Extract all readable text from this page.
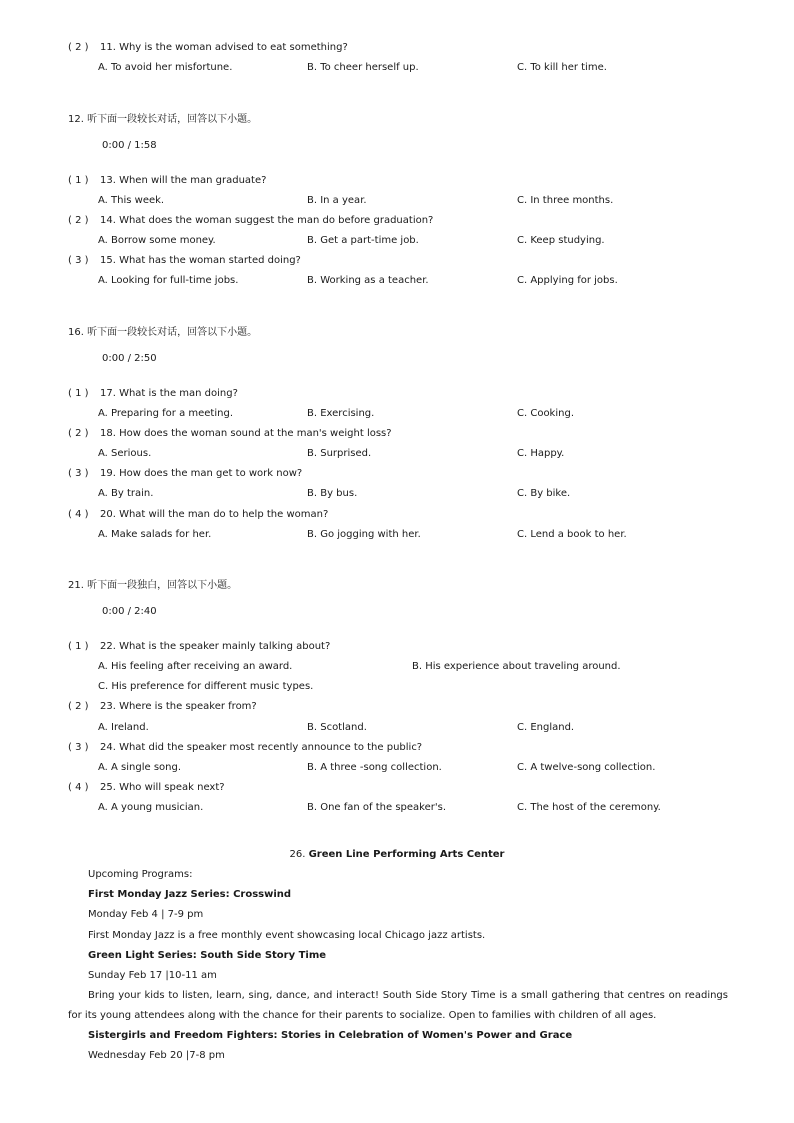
( 2 ) 11. Why is the woman advised to eat something?
A. To avoid her misfortune.	B. To cheer herself up.	C. To kill her time.
12. 听下面一段较长对话，回答以下小题。
0:00 / 1:58
( 1 ) 13. When will the man graduate?
A. This week.	B. In a year.	C. In three months.
( 2 ) 14. What does the woman suggest the man do before graduation?
A. Borrow some money.	B. Get a part-time job.	C. Keep studying.
( 3 ) 15. What has the woman started doing?
A. Looking for full-time jobs.	B. Working as a teacher.	C. Applying for jobs.
16. 听下面一段较长对话，回答以下小题。
0:00 / 2:50
( 1 ) 17. What is the man doing?
A. Preparing for a meeting.	B. Exercising.	C. Cooking.
( 2 ) 18. How does the woman sound at the man's weight loss?
A. Serious.	B. Surprised.	C. Happy.
( 3 ) 19. How does the man get to work now?
A. By train.	B. By bus.	C. By bike.
( 4 ) 20. What will the man do to help the woman?
A. Make salads for her.	B. Go jogging with her.	C. Lend a book to her.
21. 听下面一段独白，回答以下小题。
0:00 / 2:40
( 1 ) 22. What is the speaker mainly talking about?
A. His feeling after receiving an award.	B. His experience about traveling around.
C. His preference for different music types.
( 2 ) 23. Where is the speaker from?
A. Ireland.	B. Scotland.	C. England.
( 3 ) 24. What did the speaker most recently announce to the public?
A. A single song.	B. A three -song collection.	C. A twelve-song collection.
( 4 ) 25. Who will speak next?
A. A young musician.	B. One fan of the speaker's.	C. The host of the ceremony.
26. Green Line Performing Arts Center
Upcoming Programs:
First Monday Jazz Series: Crosswind
Monday Feb 4 | 7-9 pm
First Monday Jazz is a free monthly event showcasing local Chicago jazz artists.
Green Light Series: South Side Story Time
Sunday Feb 17 |10-11 am
Bring your kids to listen, learn, sing, dance, and interact! South Side Story Time is a small gathering that centres on readings for its young attendees along with the chance for their parents to socialize. Open to families with children of all ages.
Sistergirls and Freedom Fighters: Stories in Celebration of Women's Power and Grace
Wednesday Feb 20 |7-8 pm
